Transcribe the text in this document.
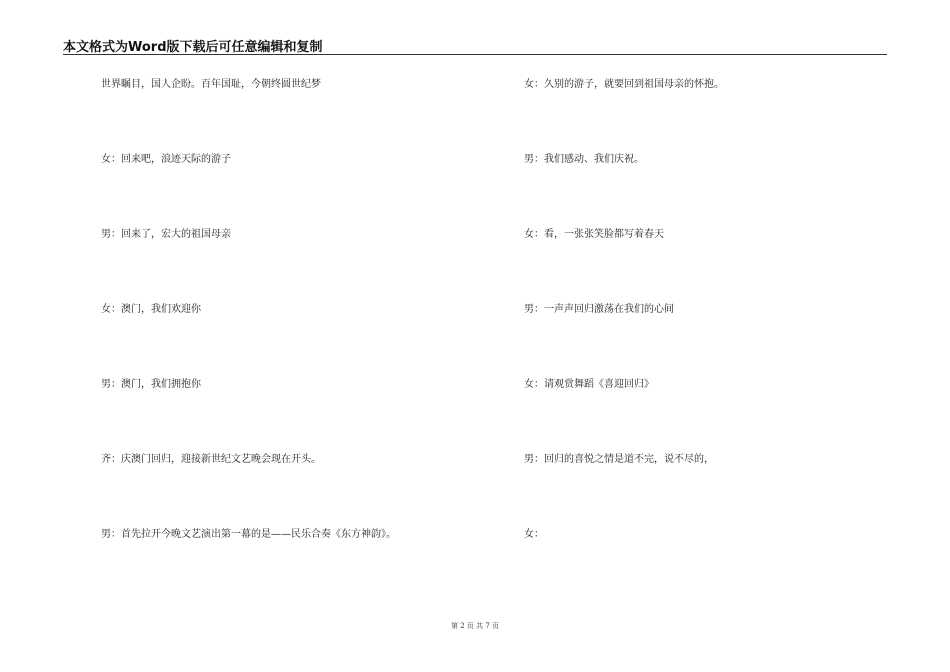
本文格式为Word版下载后可任意编辑和复制
世界瞩目，国人企盼。百年国耻，今朝终圆世纪梦
女：回来吧，浪迹天际的游子
男：回来了，宏大的祖国母亲
女：澳门，我们欢迎你
男：澳门，我们拥抱你
齐：庆澳门回归，迎接新世纪文艺晚会现在开头。
男：首先拉开今晚文艺演出第一幕的是——民乐合奏《东方神韵》。
女：久别的游子，就要回到祖国母亲的怀抱。
男：我们感动、我们庆祝。
女：看，一张张笑脸都写着春天
男：一声声回归激荡在我们的心间
女：请观赏舞蹈《喜迎回归》
男：回归的喜悦之情是道不完，说不尽的，
女：
第 2 页 共 7 页
